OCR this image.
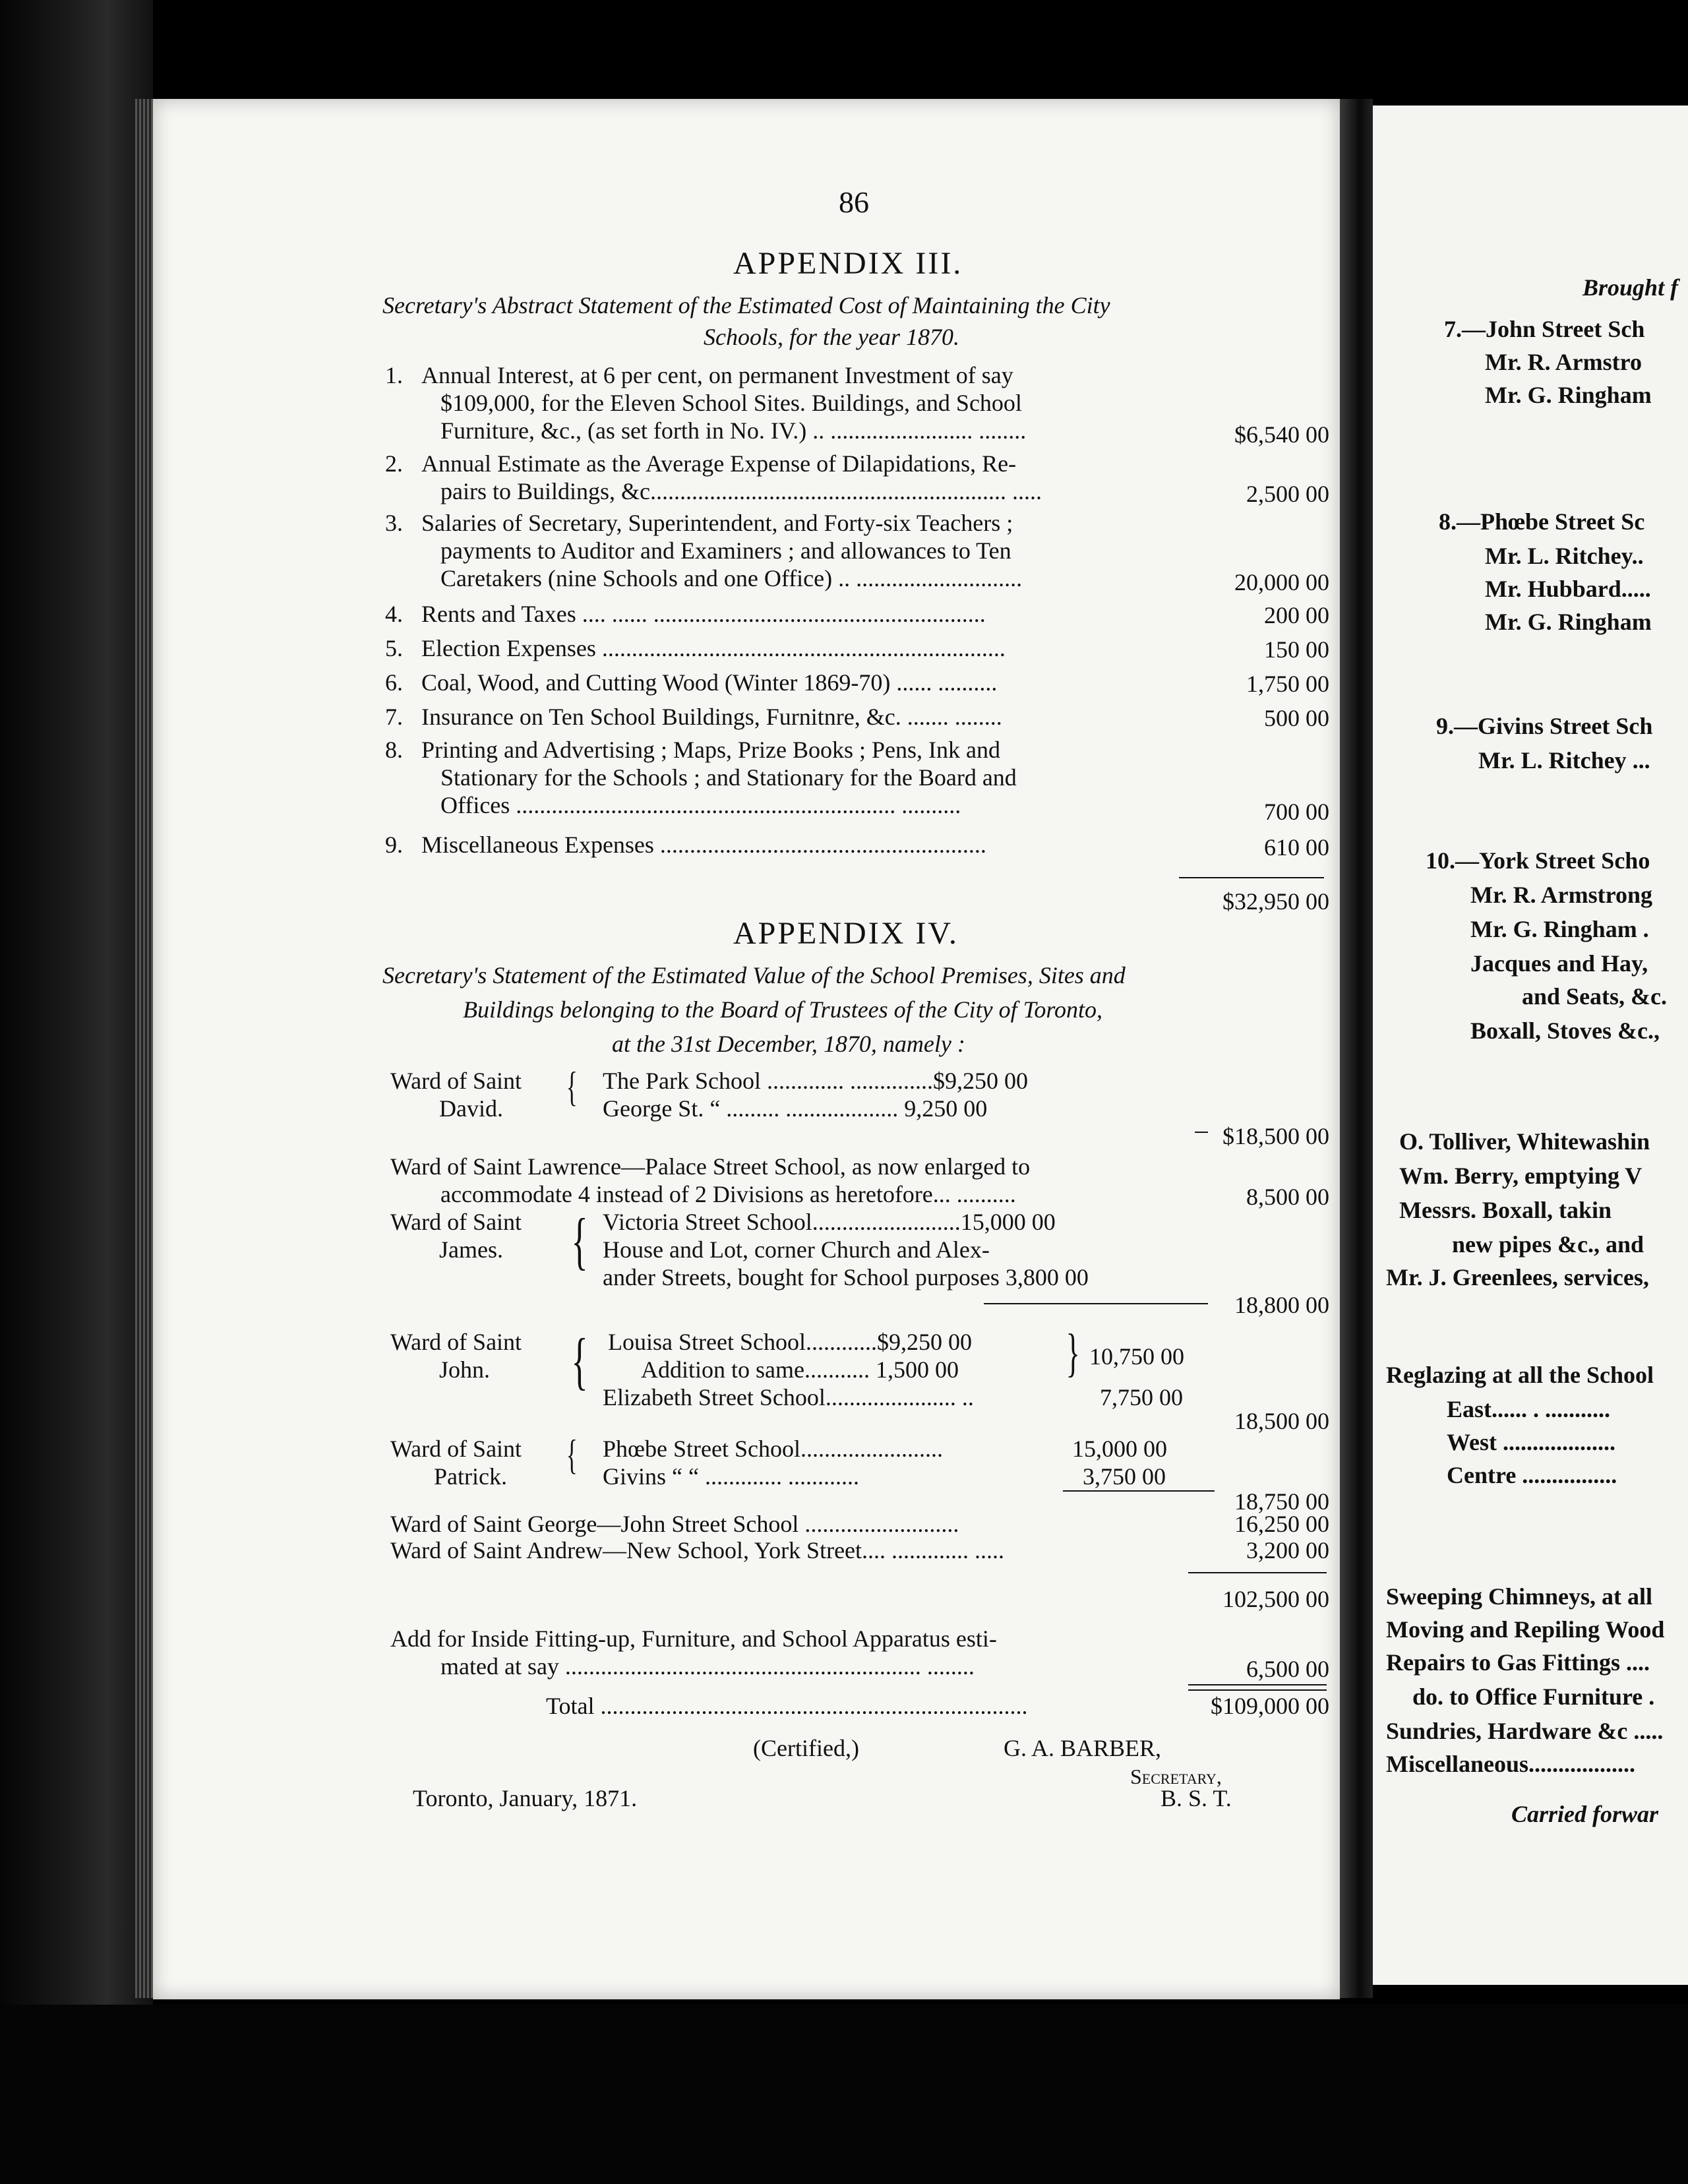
86
APPENDIX III.
Secretary's Abstract Statement of the Estimated Cost of Maintaining the City
Schools, for the year 1870.
1. Annual Interest, at 6 per cent, on permanent Investment of say
$109,000, for the Eleven School Sites. Buildings, and School
Furniture, &c., (as set forth in No. IV.) .. ........................ ........	$6,540 00
2. Annual Estimate as the Average Expense of Dilapidations, Re-
pairs to Buildings, &c............................................................ .....	2,500 00
3. Salaries of Secretary, Superintendent, and Forty-six Teachers ;
payments to Auditor and Examiners ; and allowances to Ten
Caretakers (nine Schools and one Office) .. ............................	20,000 00
4. Rents and Taxes .... ...... ........................................................	200 00
5. Election Expenses ....................................................................	150 00
6. Coal, Wood, and Cutting Wood (Winter 1869-70) ...... ..........	1,750 00
7. Insurance on Ten School Buildings, Furnitnre, &c. ....... ........	500 00
8. Printing and Advertising ; Maps, Prize Books ; Pens, Ink and
Stationary for the Schools ; and Stationary for the Board and
Offices ................................................................ ..........	700 00
9. Miscellaneous Expenses .......................................................	610 00
$32,950 00
APPENDIX IV.
Secretary's Statement of the Estimated Value of the School Premises, Sites and
Buildings belonging to the Board of Trustees of the City of Toronto,
at the 31st December, 1870, namely :
Ward of Saint
David. { The Park School ............. ..............$9,250 00
George St. “ ......... ................... 9,250 00
$18,500 00
Ward of Saint Lawrence—Palace Street School, as now enlarged to
accommodate 4 instead of 2 Divisions as heretofore... ..........	8,500 00
Ward of Saint
James. { Victoria Street School.........................15,000 00
House and Lot, corner Church and Alex-
ander Streets, bought for School purposes 3,800 00
18,800 00
Ward of Saint
John. { Louisa Street School............$9,250 00
Addition to same........... 1,500 00 } 10,750 00
Elizabeth Street School...................... ..	7,750 00
18,500 00
Ward of Saint
Patrick. { Phœbe Street School........................	15,000 00
Givins “ “ ............. ............	3,750 00
18,750 00
Ward of Saint George—John Street School ..........................	16,250 00
Ward of Saint Andrew—New School, York Street.... ............. .....	3,200 00
102,500 00
Add for Inside Fitting-up, Furniture, and School Apparatus esti-
mated at say ............................................................ ........	6,500 00
Total ........................................................................	$109,000 00
(Certified,)	G. A. BARBER,
Secretary,
Toronto, January, 1871.	B. S. T.
Brought f
7.—John Street Sch
Mr. R. Armstro
Mr. G. Ringham
8.—Phœbe Street Sc
Mr. L. Ritchey..
Mr. Hubbard.....
Mr. G. Ringham
9.—Givins Street Sch
Mr. L. Ritchey ...
10.—York Street Scho
Mr. R. Armstrong
Mr. G. Ringham .
Jacques and Hay,
and Seats, &c.
Boxall, Stoves &c.,
O. Tolliver, Whitewashin
Wm. Berry, emptying V
Messrs. Boxall, takin
new pipes &c., and
Mr. J. Greenlees, services,
Reglazing at all the School
East...... . ...........
West ...................
Centre ................
Sweeping Chimneys, at all
Moving and Repiling Wood
Repairs to Gas Fittings ....
do. to Office Furniture .
Sundries, Hardware &c .....
Miscellaneous..................
Carried forwar
